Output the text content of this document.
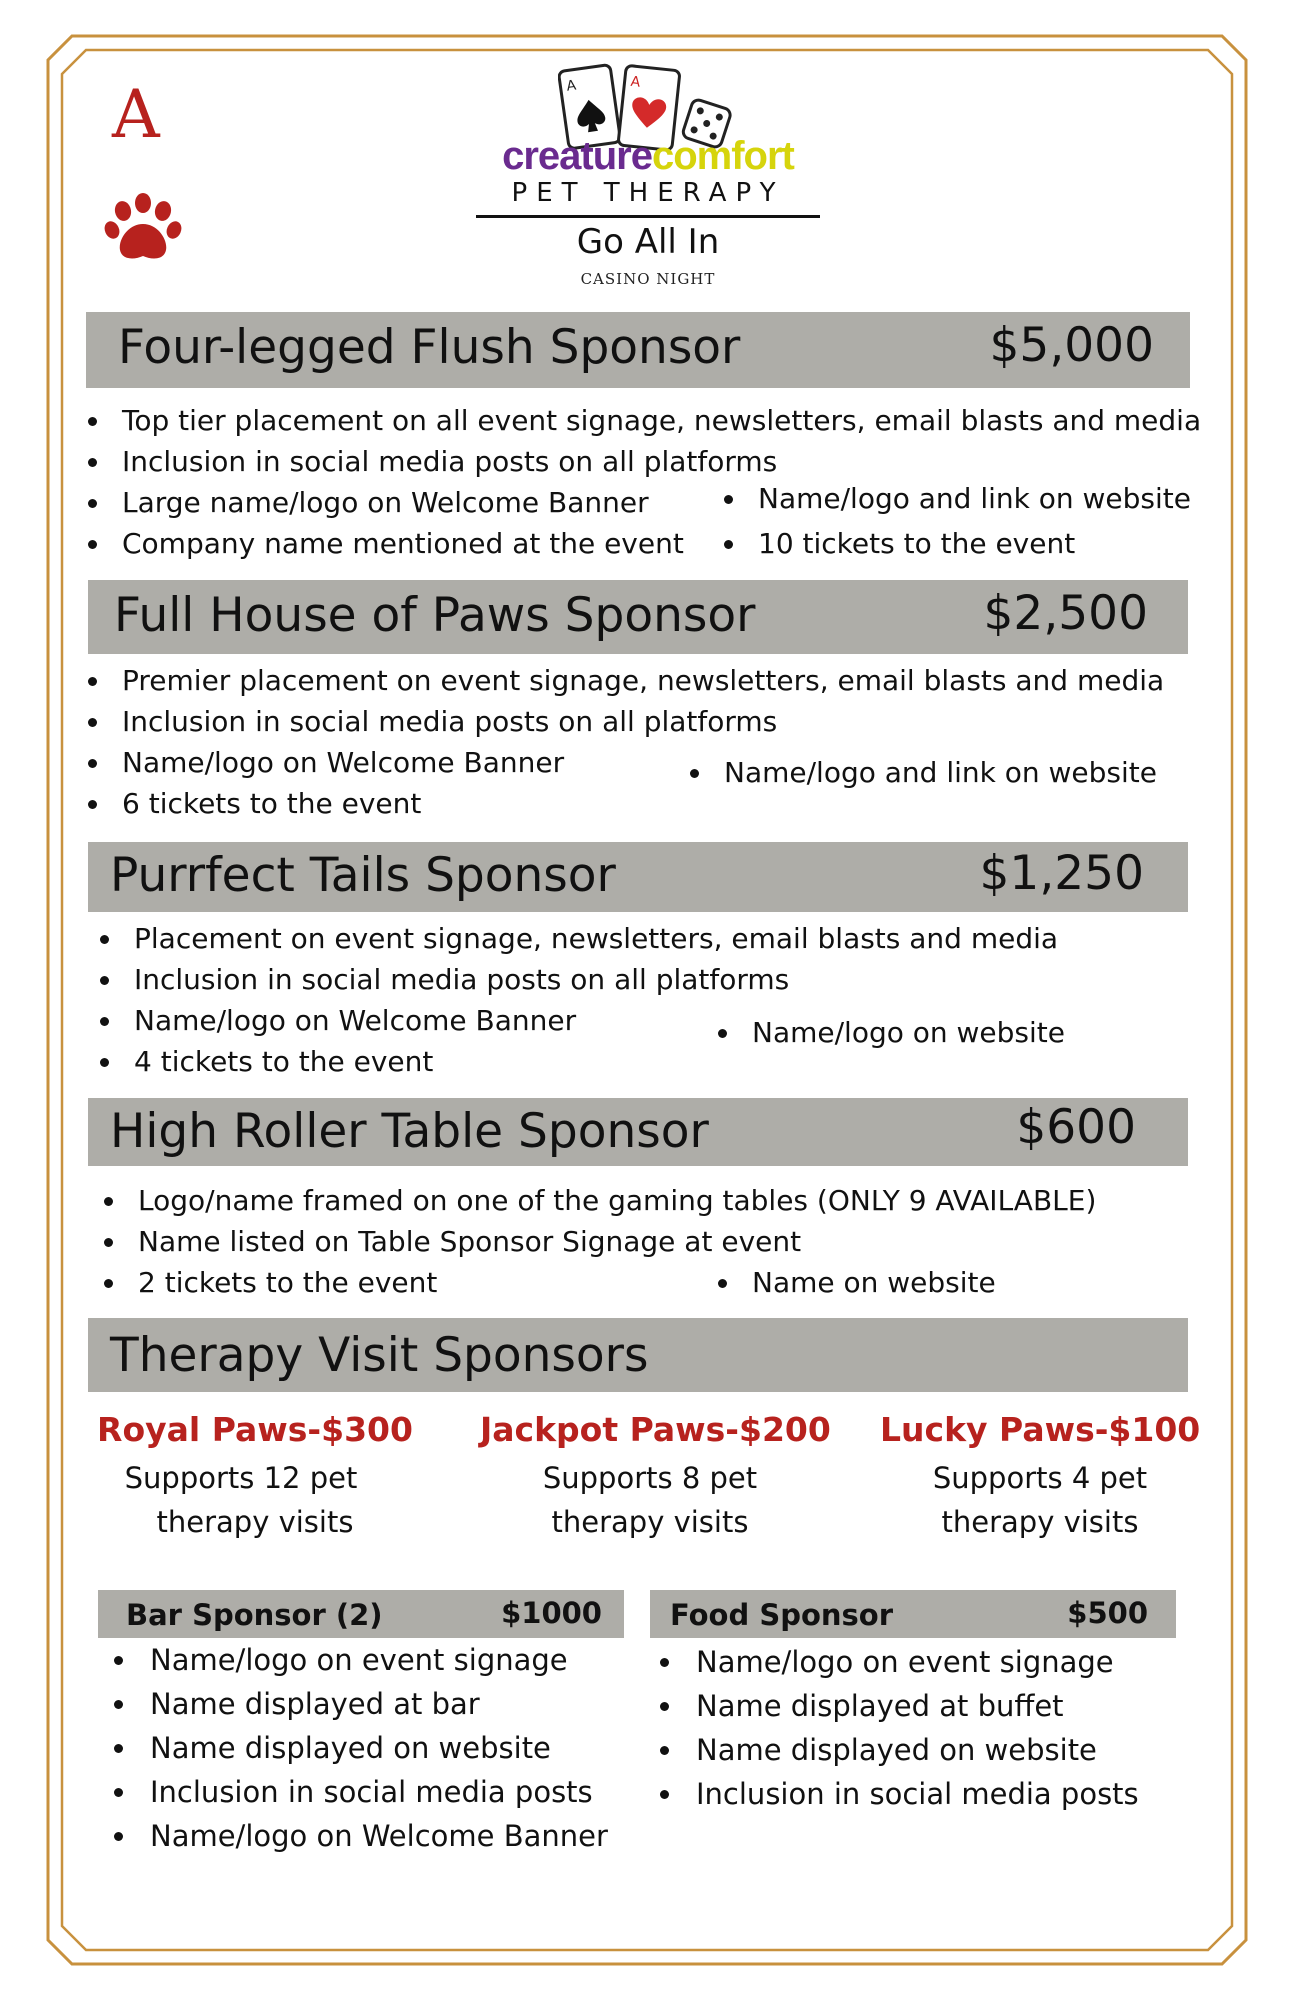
A	A	A
creaturecomfort
PET THERAPY
Go All In
CASINO NIGHT
Four-legged Flush Sponsor	$5,000
Top tier placement on all event signage, newsletters, email blasts and media
Inclusion in social media posts on all platforms
Large name/logo on Welcome Banner
Company name mentioned at the event
Name/logo and link on website
10 tickets to the event
Full House of Paws Sponsor	$2,500
Premier placement on event signage, newsletters, email blasts and media
Inclusion in social media posts on all platforms
Name/logo on Welcome Banner
6 tickets to the event
Name/logo and link on website
Purrfect Tails Sponsor	$1,250
Placement on event signage, newsletters, email blasts and media
Inclusion in social media posts on all platforms
Name/logo on Welcome Banner
4 tickets to the event
Name/logo on website
High Roller Table Sponsor	$600
Logo/name framed on one of the gaming tables (ONLY 9 AVAILABLE)
Name listed on Table Sponsor Signage at event
2 tickets to the event	Name on website
Therapy Visit Sponsors
Royal Paws-$300
Supports 12 pet
therapy visits
Jackpot Paws-$200
Supports 8 pet
therapy visits
Lucky Paws-$100
Supports 4 pet
therapy visits
Bar Sponsor (2)	$1000
Name/logo on event signage
Name displayed at bar
Name displayed on website
Inclusion in social media posts
Name/logo on Welcome Banner
Food Sponsor	$500
Name/logo on event signage
Name displayed at buffet
Name displayed on website
Inclusion in social media posts
